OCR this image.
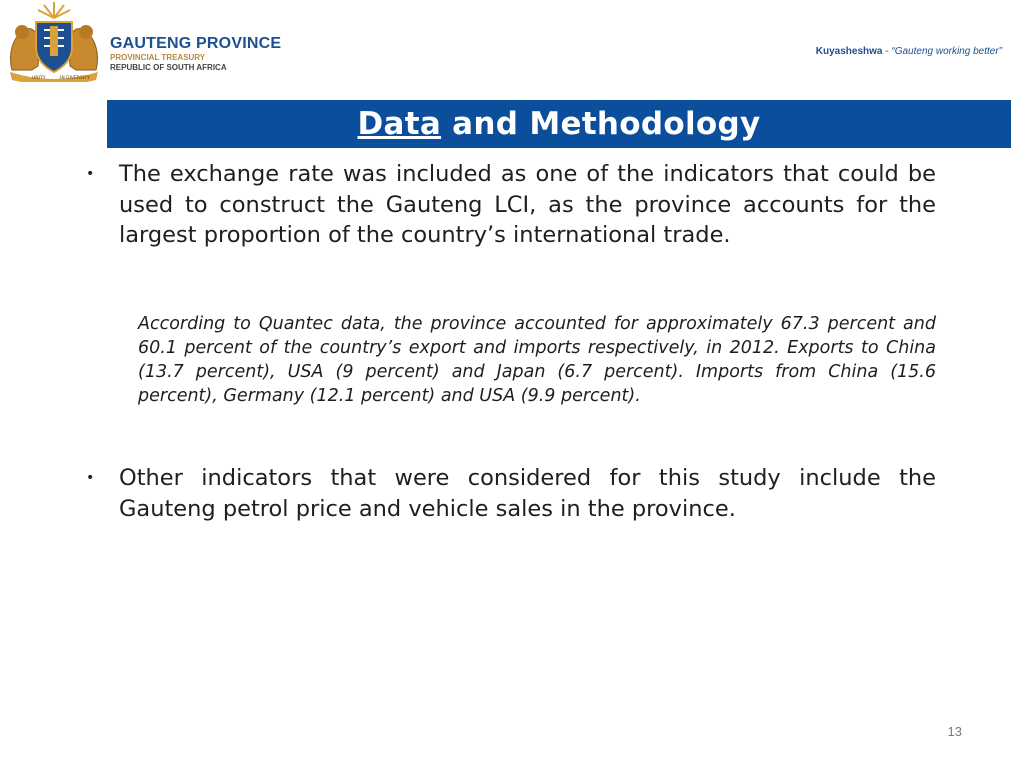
UNITY	IN DIVERSITY
GAUTENG PROVINCE
PROVINCIAL TREASURY
REPUBLIC OF SOUTH AFRICA
Kuyasheshwa - “Gauteng working better”
Data and Methodology
• The exchange rate was included as one of the indicators that could be used to construct the Gauteng LCI, as the province accounts for the largest proportion of the country’s international trade.
According to Quantec data, the province accounted for approximately 67.3 percent and 60.1 percent of the country’s export and imports respectively, in 2012. Exports to China (13.7 percent), USA (9 percent) and Japan (6.7 percent). Imports from China (15.6 percent), Germany (12.1 percent) and USA (9.9 percent).
• Other indicators that were considered for this study include the Gauteng petrol price and vehicle sales in the province.
13
